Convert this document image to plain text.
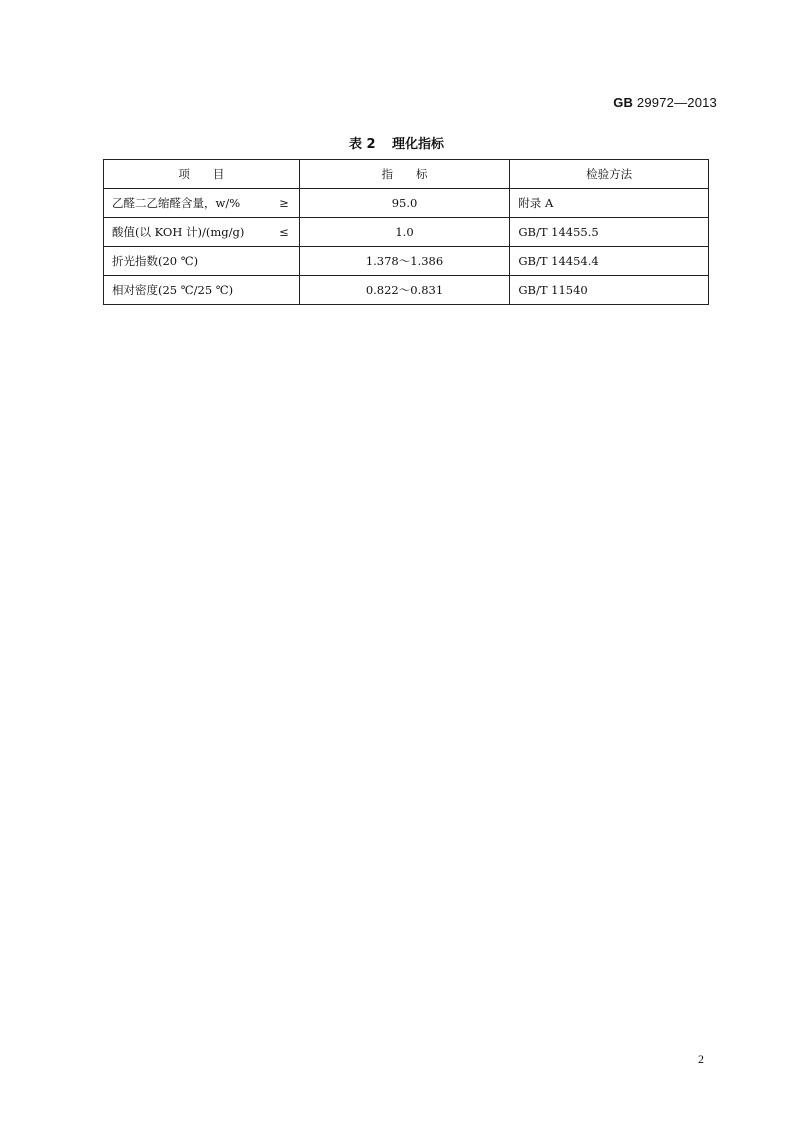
GB 29972—2013
表 2 理化指标
项　　目	指　　标	检验方法
乙醛二乙缩醛含量，w/% ≥	95.0	附录 A
酸值(以 KOH 计)/(mg/g) ≤	1.0	GB/T 14455.5
折光指数(20 ℃)	1.378～1.386	GB/T 14454.4
相对密度(25 ℃/25 ℃)	0.822～0.831	GB/T 11540
2
